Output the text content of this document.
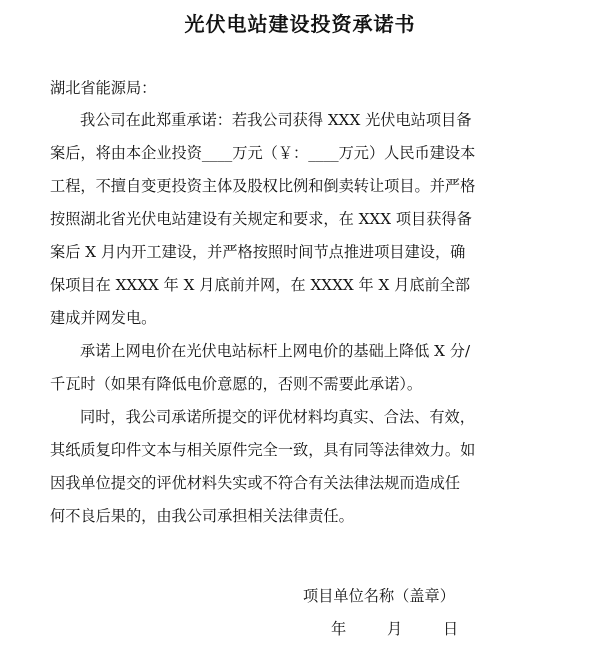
光伏电站建设投资承诺书
湖北省能源局：
我公司在此郑重承诺：若我公司获得 XXX 光伏电站项目备
案后，将由本企业投资____万元（￥：____万元）人民币建设本
工程，不擅自变更投资主体及股权比例和倒卖转让项目。并严格
按照湖北省光伏电站建设有关规定和要求，在 XXX 项目获得备
案后 X 月内开工建设，并严格按照时间节点推进项目建设，确
保项目在 XXXX 年 X 月底前并网，在 XXXX 年 X 月底前全部
建成并网发电。
承诺上网电价在光伏电站标杆上网电价的基础上降低 X 分/
千瓦时（如果有降低电价意愿的，否则不需要此承诺）。
同时，我公司承诺所提交的评优材料均真实、合法、有效，
其纸质复印件文本与相关原件完全一致，具有同等法律效力。如
因我单位提交的评优材料失实或不符合有关法律法规而造成任
何不良后果的，由我公司承担相关法律责任。
项目单位名称（盖章）
年	月	日
